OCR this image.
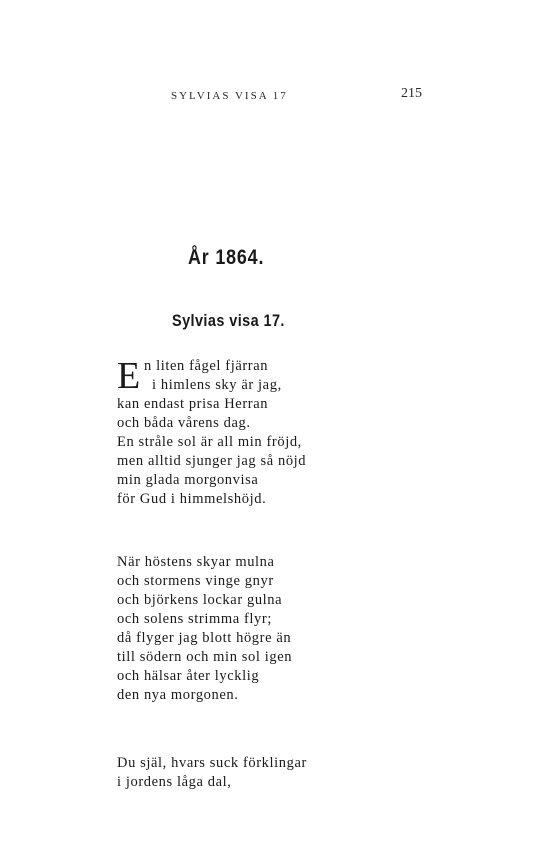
SYLVIAS VISA 17	215
År 1864.
Sylvias visa 17.
E n liten fågel fjärran
i himlens sky är jag,
kan endast prisa Herran
och båda vårens dag.
En stråle sol är all min fröjd,
men alltid sjunger jag så nöjd
min glada morgonvisa
för Gud i himmelshöjd.
När höstens skyar mulna
och stormens vinge gnyr
och björkens lockar gulna
och solens strimma flyr;
då flyger jag blott högre än
till södern och min sol igen
och hälsar åter lycklig
den nya morgonen.
Du själ, hvars suck förklingar
i jordens låga dal,
